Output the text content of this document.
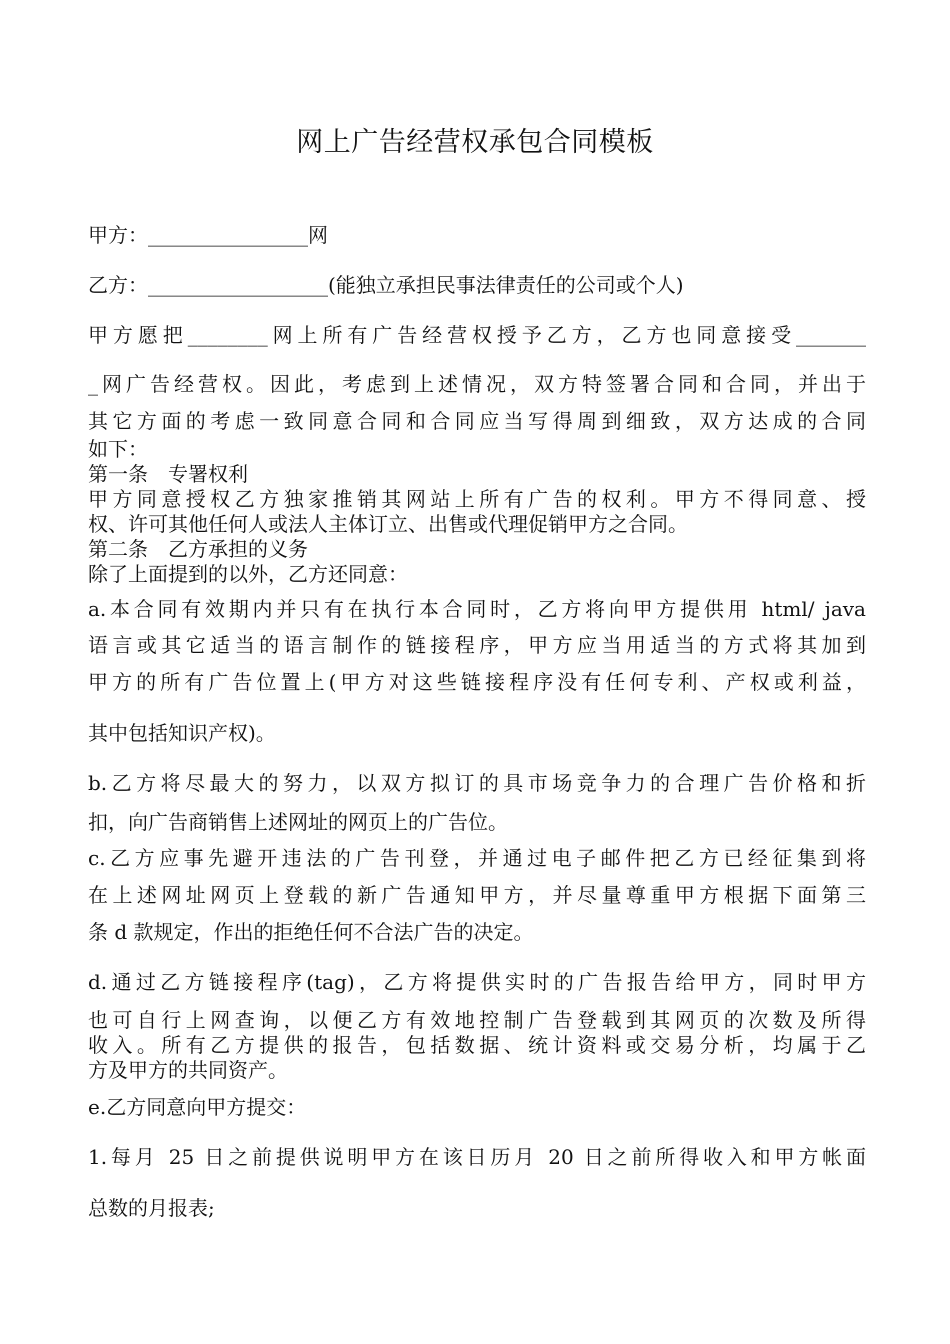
网上广告经营权承包合同模板
甲方：________________网
乙方：__________________(能独立承担民事法律责任的公司或个人)
甲方愿把________网上所有广告经营权授予乙方，乙方也同意接受_______
_网广告经营权。因此，考虑到上述情况，双方特签署合同和合同，并出于
其它方面的考虑一致同意合同和合同应当写得周到细致，双方达成的合同
如下：
第一条　专署权利
甲方同意授权乙方独家推销其网站上所有广告的权利。甲方不得同意、授
权、许可其他任何人或法人主体订立、出售或代理促销甲方之合同。
第二条　乙方承担的义务
除了上面提到的以外，乙方还同意：
a.本合同有效期内并只有在执行本合同时，乙方将向甲方提供用 html/ java
语言或其它适当的语言制作的链接程序，甲方应当用适当的方式将其加到
甲方的所有广告位置上(甲方对这些链接程序没有任何专利、产权或利益，
其中包括知识产权)。
b.乙方将尽最大的努力，以双方拟订的具市场竞争力的合理广告价格和折
扣，向广告商销售上述网址的网页上的广告位。
c.乙方应事先避开违法的广告刊登，并通过电子邮件把乙方已经征集到将
在上述网址网页上登载的新广告通知甲方，并尽量尊重甲方根据下面第三
条 d 款规定，作出的拒绝任何不合法广告的决定。
d.通过乙方链接程序(tag)，乙方将提供实时的广告报告给甲方，同时甲方
也可自行上网查询，以便乙方有效地控制广告登载到其网页的次数及所得
收入。所有乙方提供的报告，包括数据、统计资料或交易分析，均属于乙
方及甲方的共同资产。
e.乙方同意向甲方提交：
1.每月 25 日之前提供说明甲方在该日历月 20 日之前所得收入和甲方帐面
总数的月报表;
